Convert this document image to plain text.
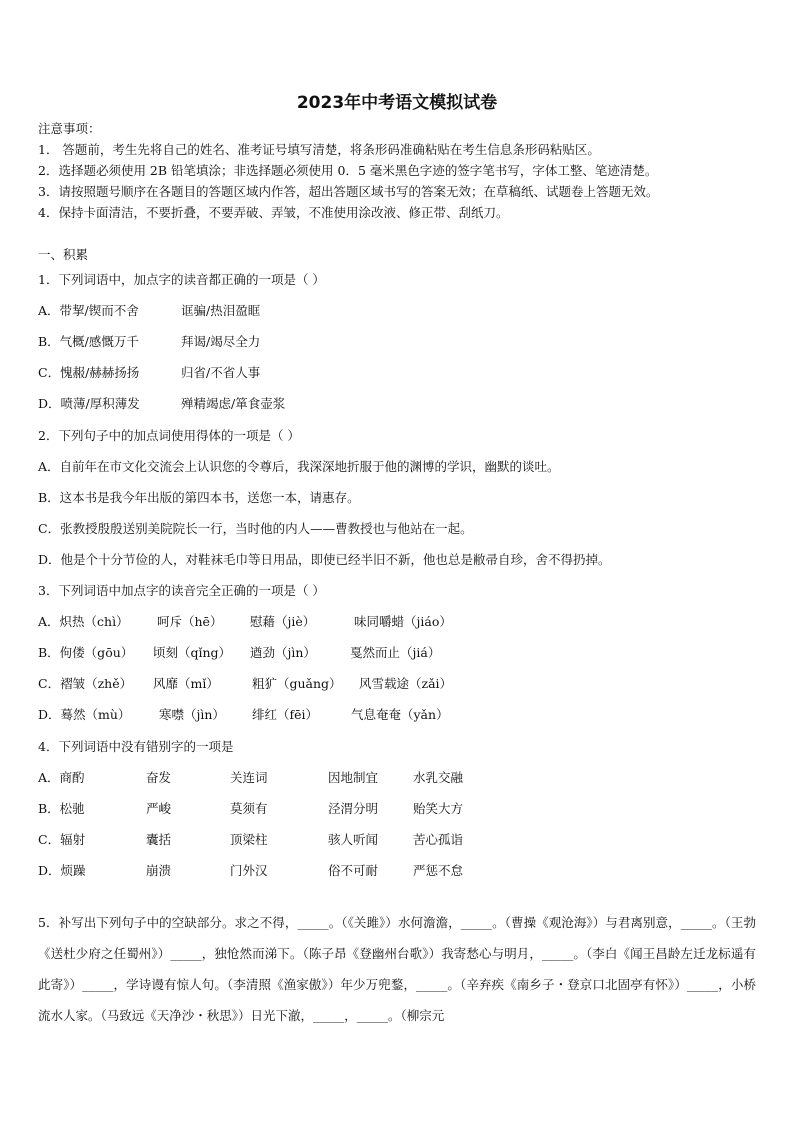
2023年中考语文模拟试卷
注意事项：
1． 答题前，考生先将自己的姓名、准考证号填写清楚，将条形码准确粘贴在考生信息条形码粘贴区。
2．选择题必须使用 2B 铅笔填涂；非选择题必须使用 0．5 毫米黑色字迹的签字笔书写，字体工整、笔迹清楚。
3．请按照题号顺序在各题目的答题区域内作答，超出答题区域书写的答案无效；在草稿纸、试题卷上答题无效。
4．保持卡面清洁，不要折叠，不要弄破、弄皱，不准使用涂改液、修正带、刮纸刀。
一、积累
1．下列词语中，加点字的读音都正确的一项是（ ）
A．带挈/锲而不舍	诓骗/热泪盈眶
B．气概/感慨万千	拜谒/竭尽全力
C．愧赧/赫赫扬扬	归省/不省人事
D．喷薄/厚积薄发	殚精竭虑/箪食壶浆
2．下列句子中的加点词使用得体的一项是（ ）
A．自前年在市文化交流会上认识您的令尊后，我深深地折服于他的渊博的学识，幽默的谈吐。
B．这本书是我今年出版的第四本书，送您一本，请惠存。
C．张教授殷殷送别美院院长一行，当时他的内人——曹教授也与他站在一起。
D．他是个十分节俭的人，对鞋袜毛巾等日用品，即使已经半旧不新，他也总是敝帚自珍，舍不得扔掉。
3．下列词语中加点字的读音完全正确的一项是（ ）
A．炽热（chì） 呵斥（hē） 慰藉（jiè）	味同嚼蜡（jiáo）
B．佝偻（gōu） 顷刻（qǐng） 遒劲（jìn）	戛然而止（jiá）
C．褶皱（zhě） 风靡（mǐ）	粗犷（guǎng） 风雪载途（zǎi）
D．蓦然（mù） 寒噤（jìn） 绯红（fēi）	气息奄奄（yǎn）
4．下列词语中没有错别字的一项是
A．商酌	奋发	关连词	因地制宜	水乳交融
B．松驰	严峻	莫须有	泾渭分明	贻笑大方
C．辐射	囊括	顶梁柱	骇人听闻	苦心孤诣
D．烦躁	崩溃	门外汉	俗不可耐	严惩不怠
5．补写出下列句子中的空缺部分。求之不得，_____。（《关雎》）水何澹澹，_____。（曹操《观沧海》）与君离别意，_____。（王勃《送杜少府之任蜀州》）_____，独怆然而涕下。（陈子昂《登幽州台歌》）我寄愁心与明月，_____。（李白《闻王昌龄左迁龙标遥有此寄》）_____，学诗谩有惊人句。（李清照《渔家傲》）年少万兜鍪，_____。（辛弃疾《南乡子・登京口北固亭有怀》）_____，小桥流水人家。（马致远《天净沙・秋思》）日光下澈，_____，_____。（柳宗元
